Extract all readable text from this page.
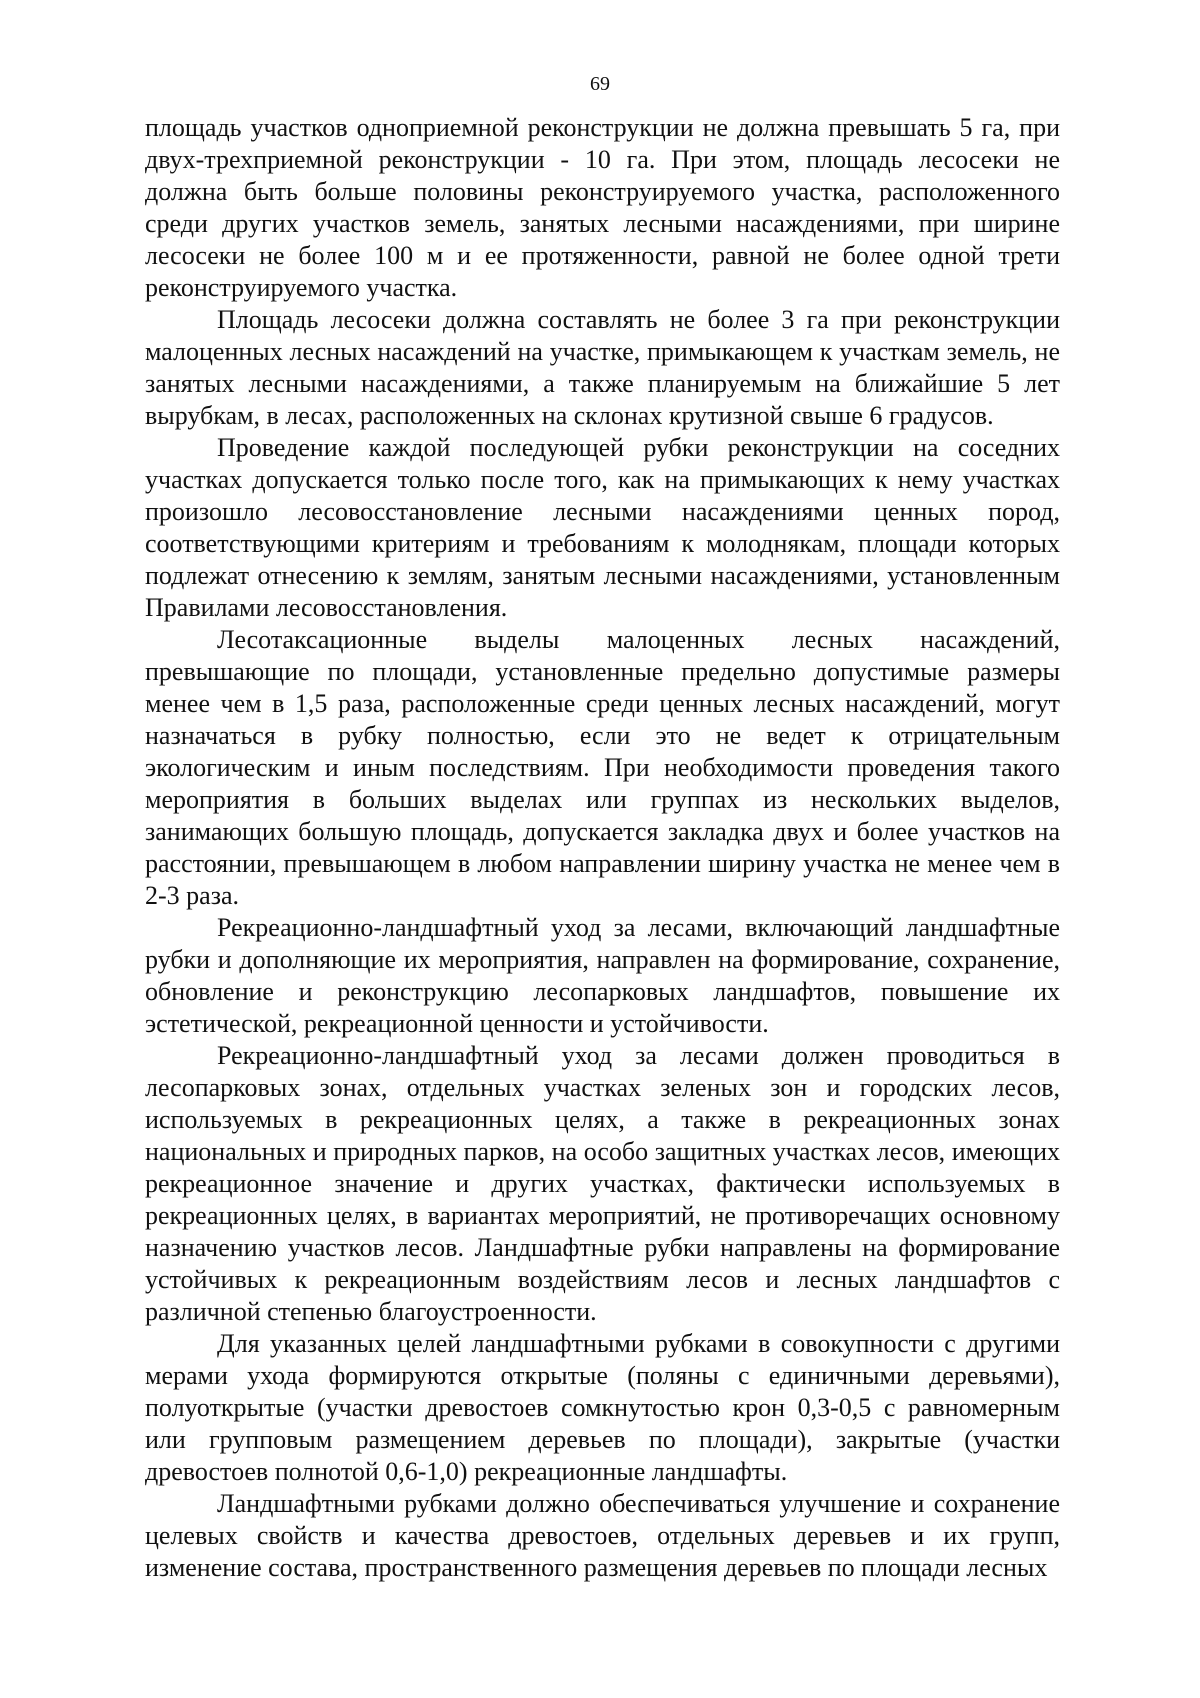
69

площадь участков одноприемной реконструкции не должна превышать 5 га, при двух-трехприемной реконструкции - 10 га. При этом, площадь лесосеки не должна быть больше половины реконструируемого участка, расположенного среди других участков земель, занятых лесными насаждениями, при ширине лесосеки не более 100 м и ее протяженности, равной не более одной трети реконструируемого участка.

Площадь лесосеки должна составлять не более 3 га при реконструкции малоценных лесных насаждений на участке, примыкающем к участкам земель, не занятых лесными насаждениями, а также планируемым на ближайшие 5 лет вырубкам, в лесах, расположенных на склонах крутизной свыше 6 градусов.

Проведение каждой последующей рубки реконструкции на соседних участках допускается только после того, как на примыкающих к нему участках произошло лесовосстановление лесными насаждениями ценных пород, соответствующими критериям и требованиям к молоднякам, площади которых подлежат отнесению к землям, занятым лесными насаждениями, установленным Правилами лесовосстановления.

Лесотаксационные выделы малоценных лесных насаждений, превышающие по площади, установленные предельно допустимые размеры менее чем в 1,5 раза, расположенные среди ценных лесных насаждений, могут назначаться в рубку полностью, если это не ведет к отрицательным экологическим и иным последствиям. При необходимости проведения такого мероприятия в больших выделах или группах из нескольких выделов, занимающих большую площадь, допускается закладка двух и более участков на расстоянии, превышающем в любом направлении ширину участка не менее чем в 2-3 раза.

Рекреационно-ландшафтный уход за лесами, включающий ландшафтные рубки и дополняющие их мероприятия, направлен на формирование, сохранение, обновление и реконструкцию лесопарковых ландшафтов, повышение их эстетической, рекреационной ценности и устойчивости.

Рекреационно-ландшафтный уход за лесами должен проводиться в лесопарковых зонах, отдельных участках зеленых зон и городских лесов, используемых в рекреационных целях, а также в рекреационных зонах национальных и природных парков, на особо защитных участках лесов, имеющих рекреационное значение и других участках, фактически используемых в рекреационных целях, в вариантах мероприятий, не противоречащих основному назначению участков лесов. Ландшафтные рубки направлены на формирование устойчивых к рекреационным воздействиям лесов и лесных ландшафтов с различной степенью благоустроенности.

Для указанных целей ландшафтными рубками в совокупности с другими мерами ухода формируются открытые (поляны с единичными деревьями), полуоткрытые (участки древостоев сомкнутостью крон 0,3-0,5 с равномерным или групповым размещением деревьев по площади), закрытые (участки древостоев полнотой 0,6-1,0) рекреационные ландшафты.

Ландшафтными рубками должно обеспечиваться улучшение и сохранение целевых свойств и качества древостоев, отдельных деревьев и их групп, изменение состава, пространственного размещения деревьев по площади лесных
